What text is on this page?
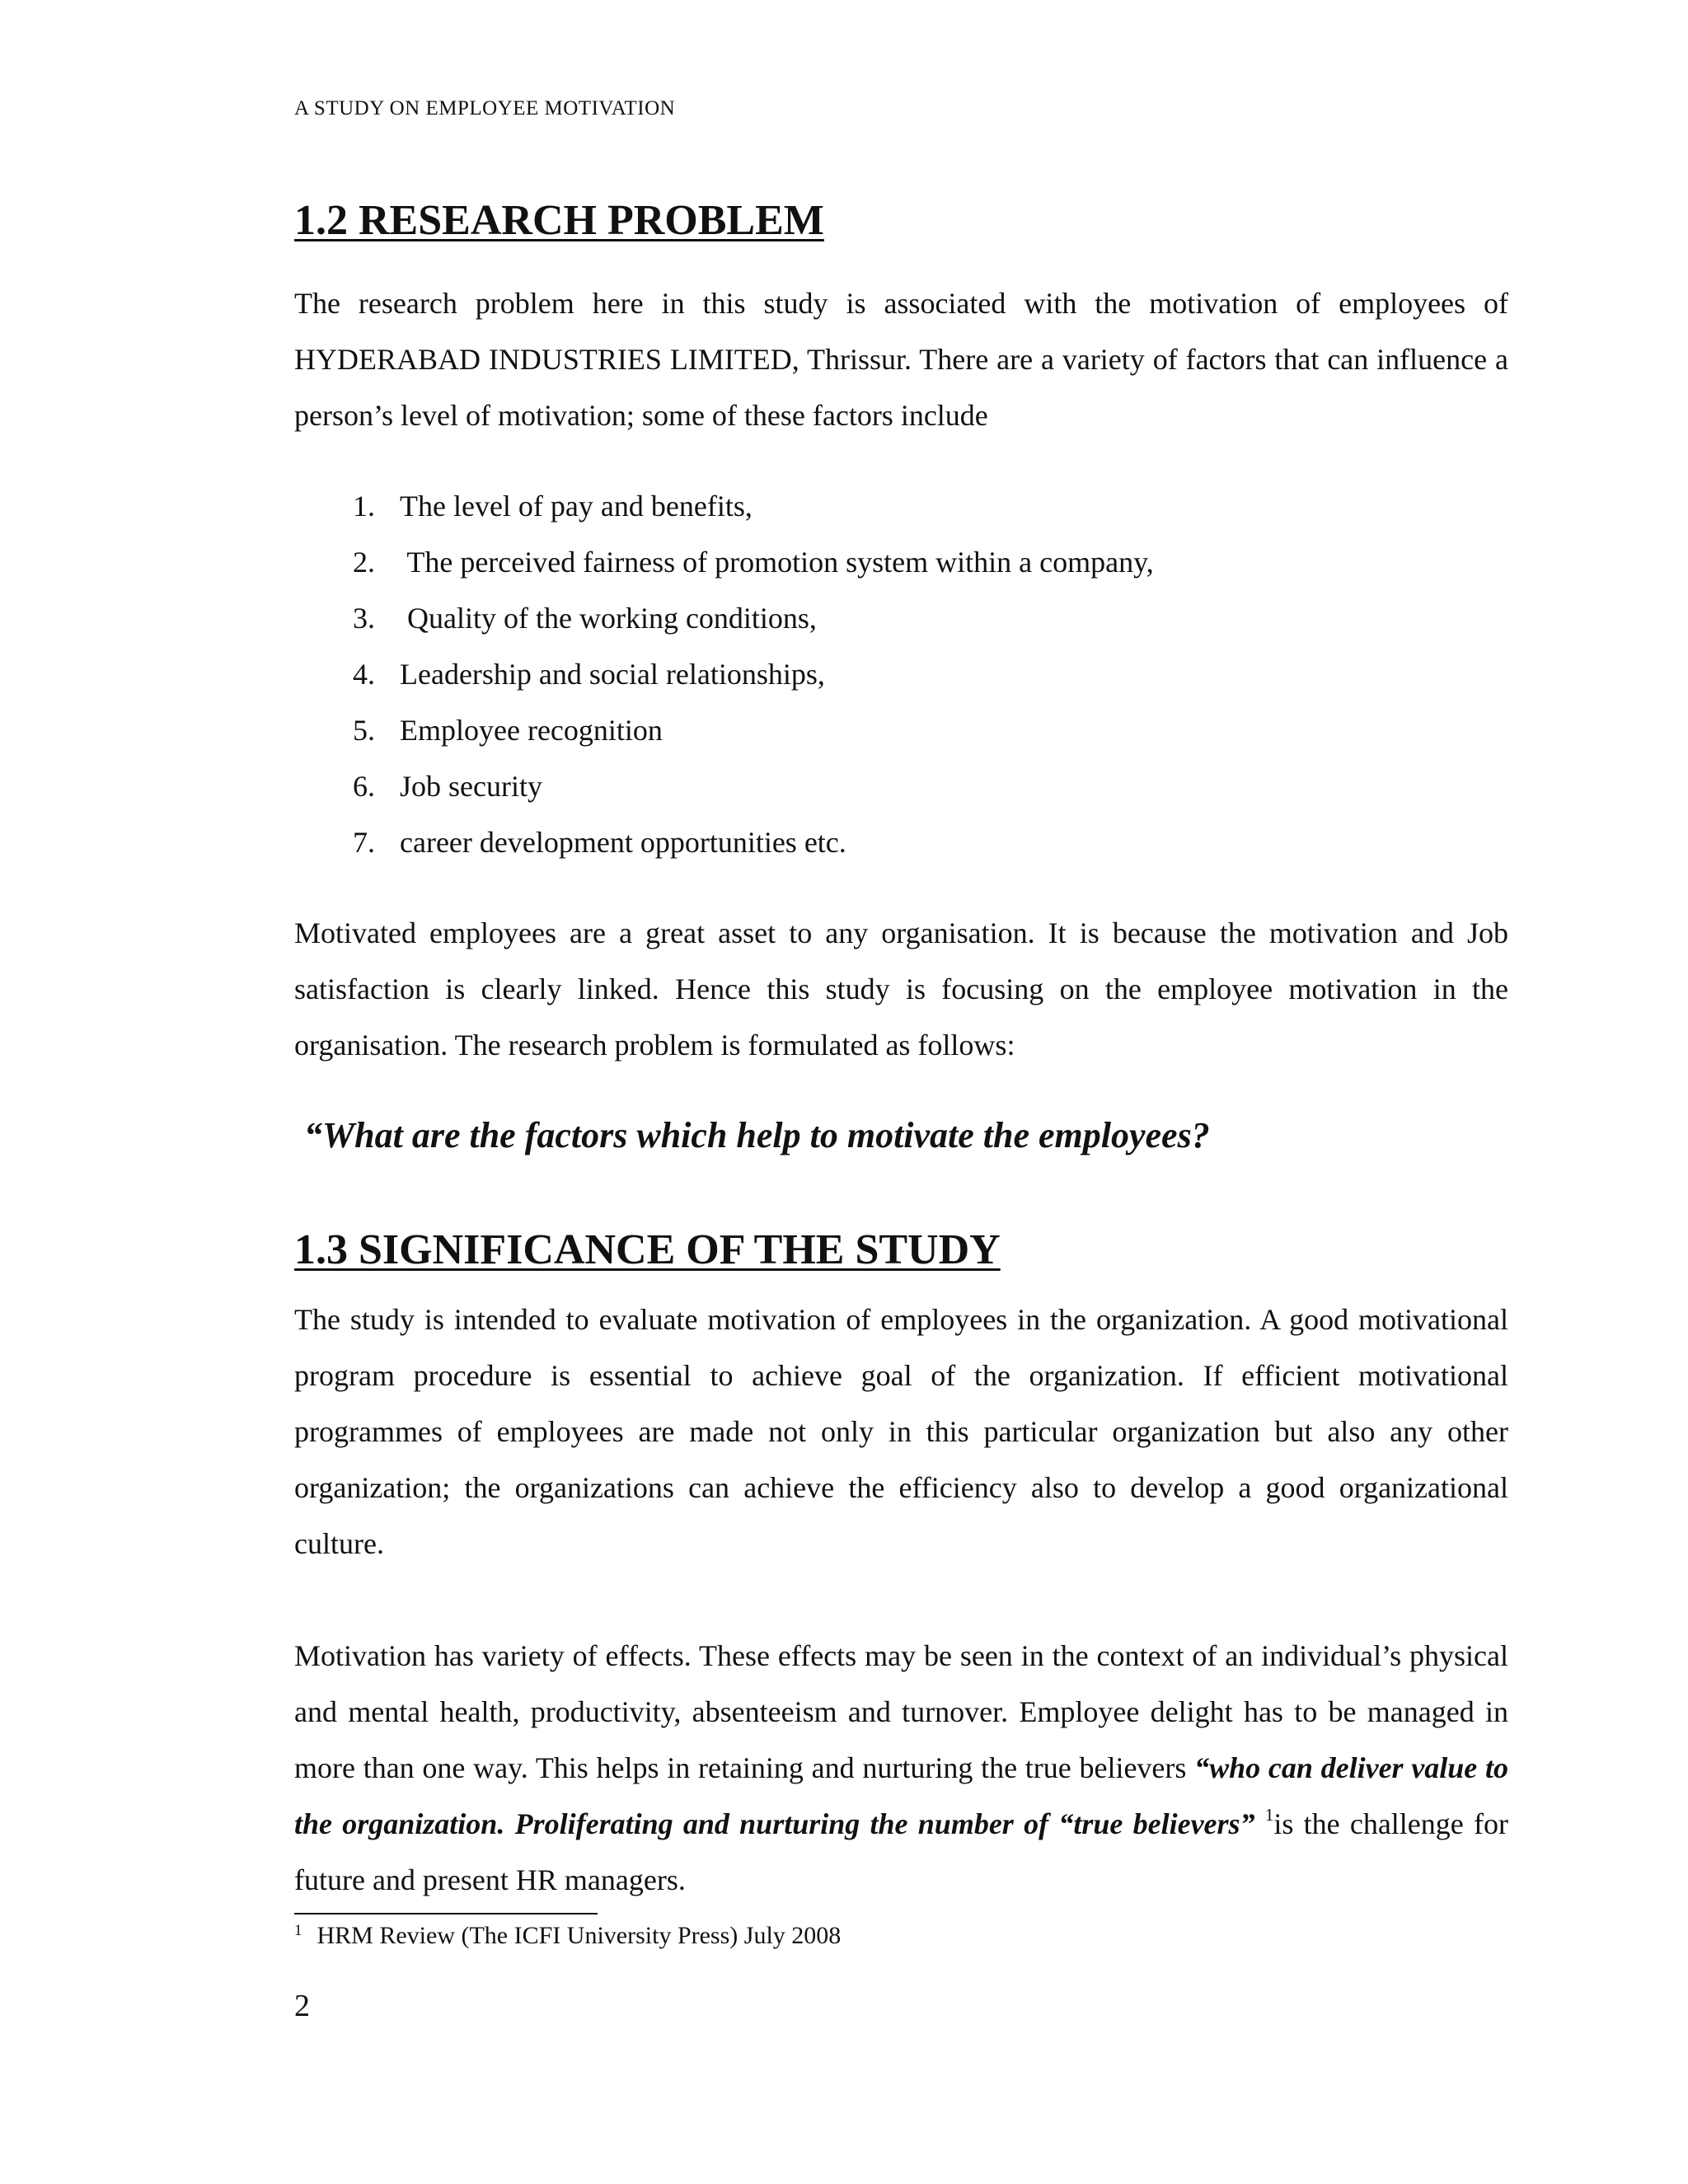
A STUDY ON EMPLOYEE MOTIVATION
1.2 RESEARCH PROBLEM

The research problem here in this study is associated with the motivation of employees of HYDERABAD INDUSTRIES LIMITED, Thrissur. There are a variety of factors that can influence a person’s level of motivation; some of these factors include

1. The level of pay and benefits,
2. The perceived fairness of promotion system within a company,
3. Quality of the working conditions,
4. Leadership and social relationships,
5. Employee recognition
6. Job security
7. career development opportunities etc.

Motivated employees are a great asset to any organisation. It is because the motivation and Job satisfaction is clearly linked. Hence this study is focusing on the employee motivation in the organisation. The research problem is formulated as follows:

“What are the factors which help to motivate the employees?
1.3 SIGNIFICANCE OF THE STUDY

The study is intended to evaluate motivation of employees in the organization. A good motivational program procedure is essential to achieve goal of the organization. If efficient motivational programmes of employees are made not only in this particular organization but also any other organization; the organizations can achieve the efficiency also to develop a good organizational culture.

Motivation has variety of effects. These effects may be seen in the context of an individual’s physical and mental health, productivity, absenteeism and turnover. Employee delight has to be managed in more than one way. This helps in retaining and nurturing the true believers “who can deliver value to the organization. Proliferating and nurturing the number of “true believers” $^1$is the challenge for future and present HR managers.

$^1$ HRM Review (The ICFI University Press) July 2008
2
